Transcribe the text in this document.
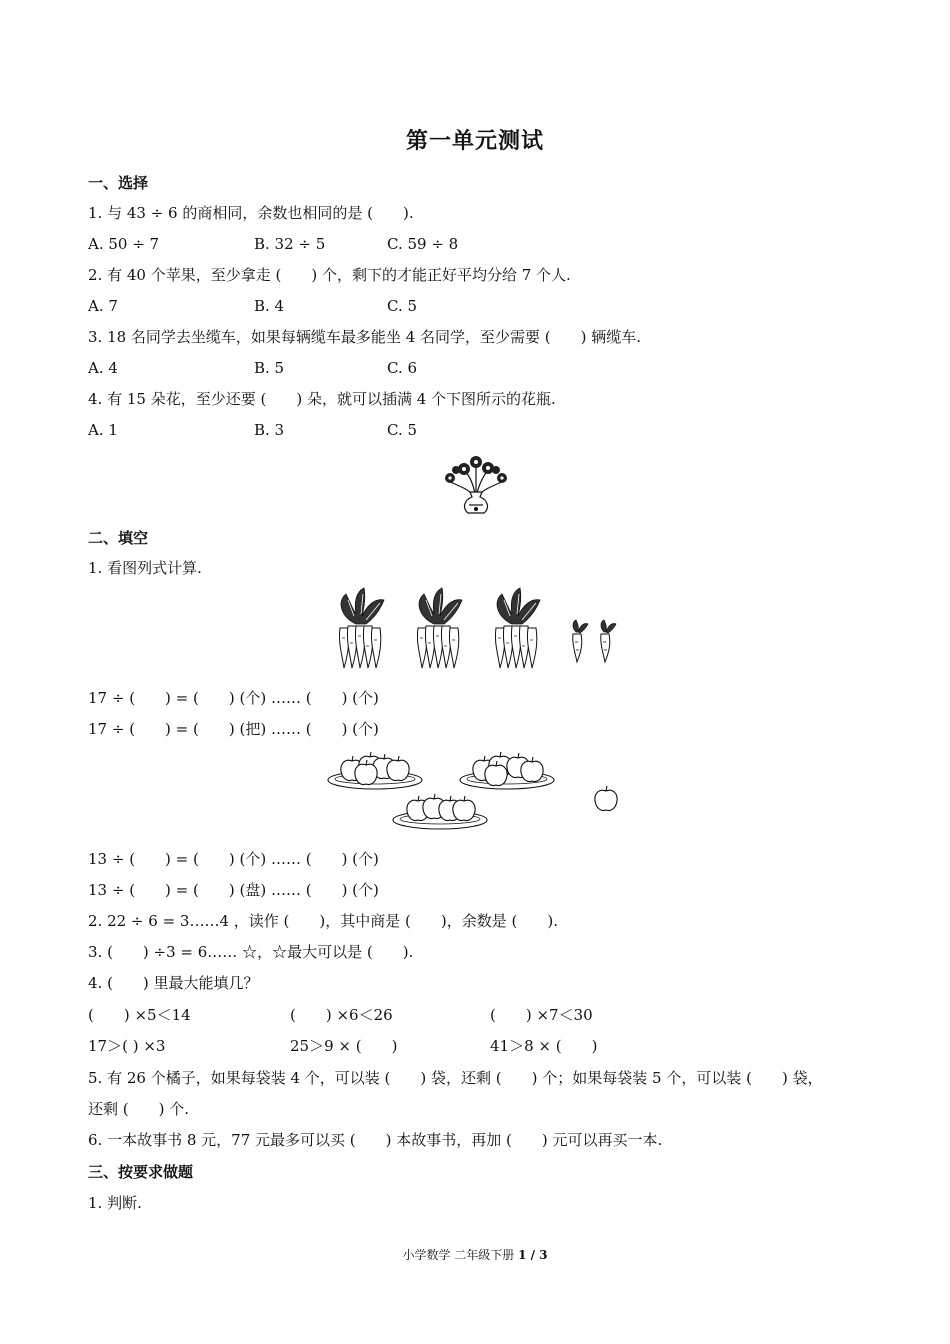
第一单元测试
一、选择
1. 与 43 ÷ 6 的商相同，余数也相同的是 (　　).
A. 50 ÷ 7	B. 32 ÷ 5	C. 59 ÷ 8
2. 有 40 个苹果，至少拿走 (　　) 个，剩下的才能正好平均分给 7 个人.
A. 7	B. 4	C. 5
3. 18 名同学去坐缆车，如果每辆缆车最多能坐 4 名同学，至少需要 (　　) 辆缆车.
A. 4	B. 5	C. 6
4. 有 15 朵花，至少还要 (　　) 朵，就可以插满 4 个下图所示的花瓶.
A. 1	B. 3	C. 5
二、填空
1. 看图列式计算.
17 ÷ (　　) = (　　) (个) …… (　　) (个)
17 ÷ (　　) = (　　) (把) …… (　　) (个)
13 ÷ (　　) = (　　) (个) …… (　　) (个)
13 ÷ (　　) = (　　) (盘) …… (　　) (个)
2. 22 ÷ 6 = 3……4 ，读作 (　　)，其中商是 (　　)，余数是 (　　).
3. (　　) ÷3 = 6…… ☆，☆最大可以是 (　　).
4. (　　) 里最大能填几？
(　　) ×5＜14	(　　) ×6＜26	(　　) ×7＜30
17＞( ) ×3	25＞9 × (　　)	41＞8 × (　　)
5. 有 26 个橘子，如果每袋装 4 个，可以装 (　　) 袋，还剩 (　　) 个；如果每袋装 5 个，可以装 (　　) 袋，
还剩 (　　) 个.
6. 一本故事书 8 元，77 元最多可以买 (　　) 本故事书，再加 (　　) 元可以再买一本.
三、按要求做题
1. 判断.
小学数学 二年级下册 1 / 3
